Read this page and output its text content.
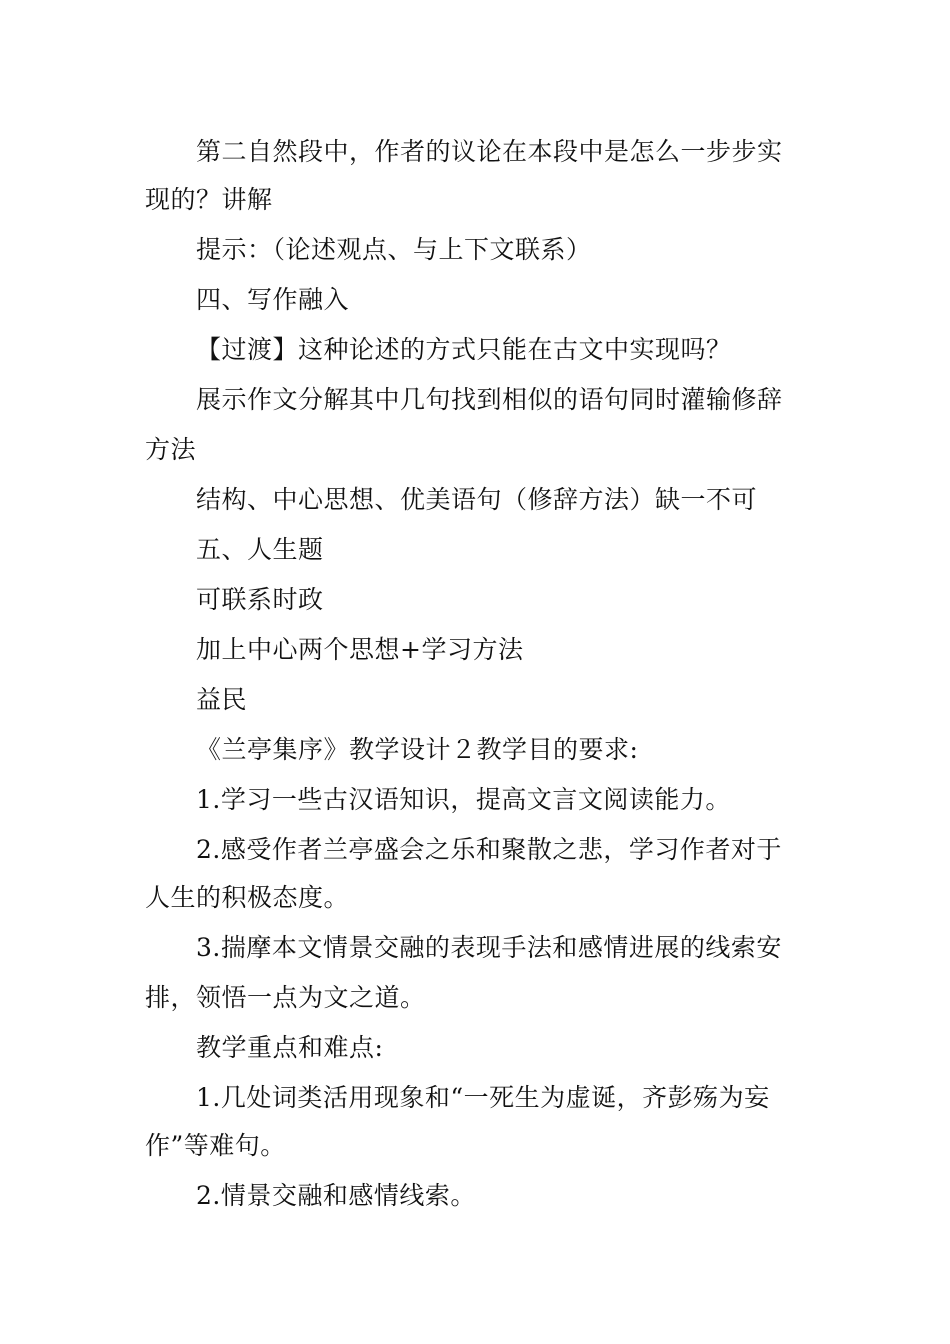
第二自然段中，作者的议论在本段中是怎么一步步实
现的？讲解
提示：（论述观点、与上下文联系）
四、写作融入
【过渡】这种论述的方式只能在古文中实现吗？
展示作文分解其中几句找到相似的语句同时灌输修辞
方法
结构、中心思想、优美语句（修辞方法）缺一不可
五、人生题
可联系时政
加上中心两个思想+学习方法
益民
《兰亭集序》教学设计２教学目的要求:
1.学习一些古汉语知识，提高文言文阅读能力。
2.感受作者兰亭盛会之乐和聚散之悲，学习作者对于
人生的积极态度。
3.揣摩本文情景交融的表现手法和感情进展的线索安
排，领悟一点为文之道。
教学重点和难点:
1.几处词类活用现象和“一死生为虚诞，齐彭殇为妄
作”等难句。
2.情景交融和感情线索。
